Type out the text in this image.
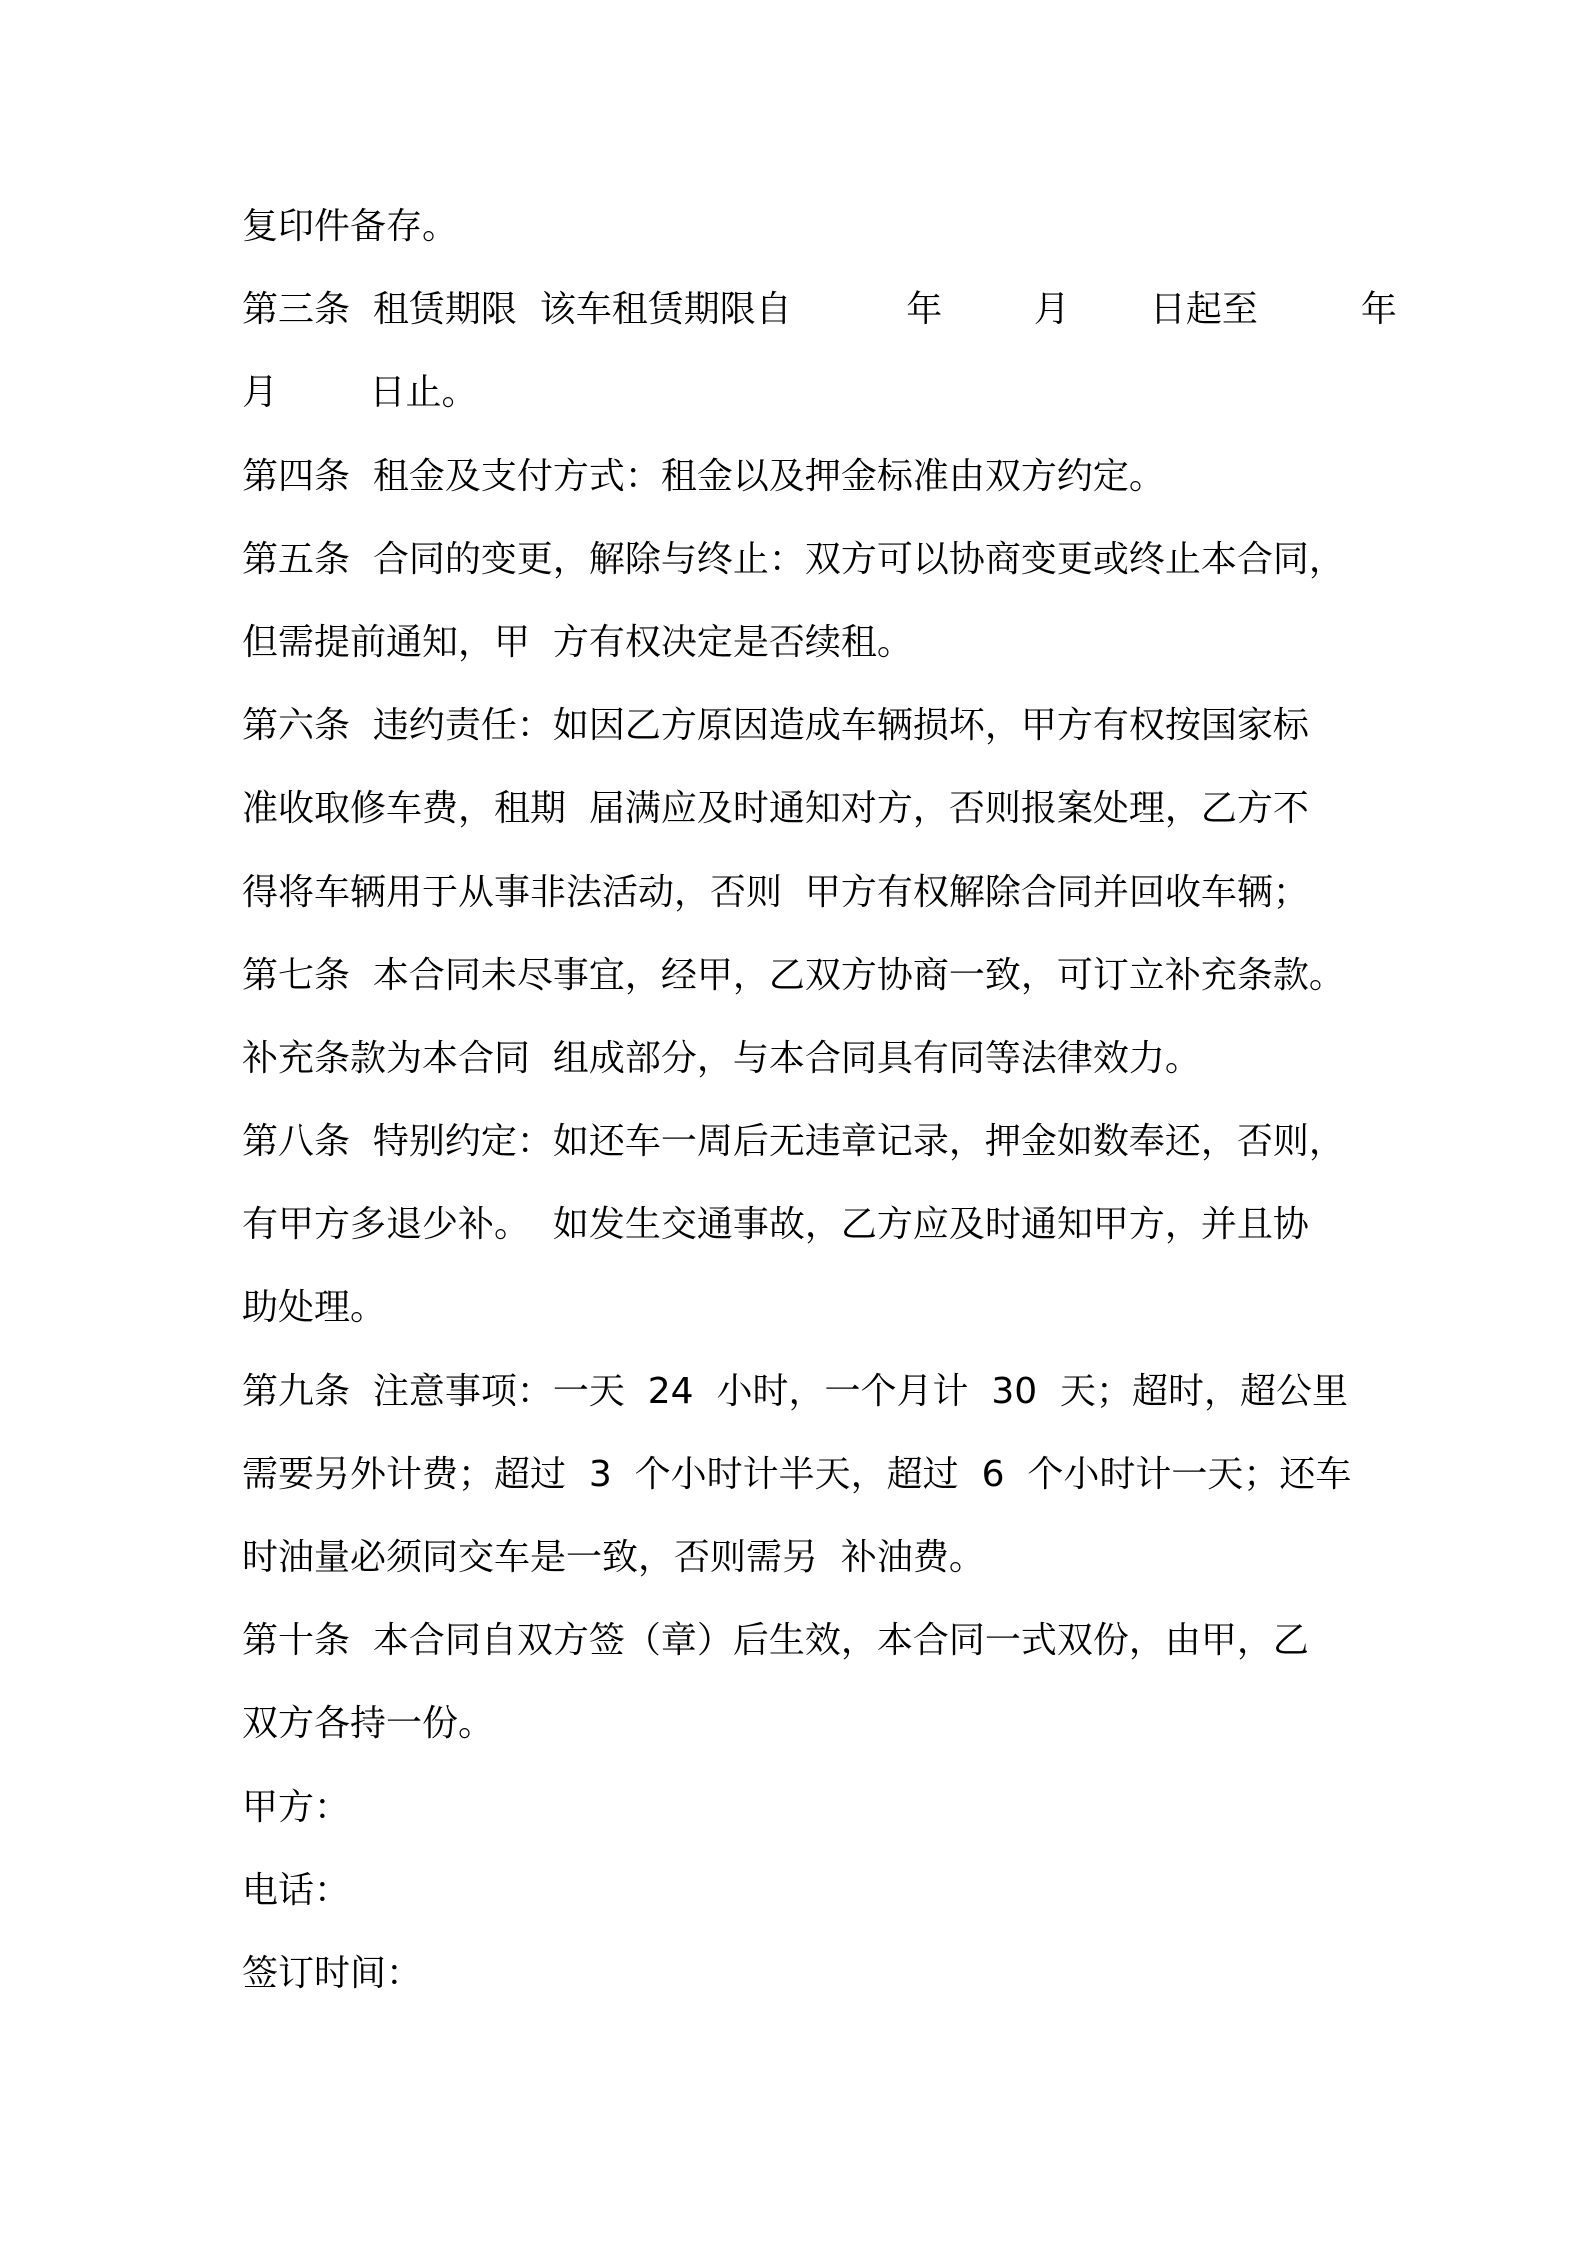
复印件备存。
第三条  租赁期限  该车租赁期限自          年        月       日起至         年
月        日止。
第四条  租金及支付方式：租金以及押金标准由双方约定。
第五条  合同的变更，解除与终止：双方可以协商变更或终止本合同，
但需提前通知，甲  方有权决定是否续租。
第六条  违约责任：如因乙方原因造成车辆损坏，甲方有权按国家标
准收取修车费，租期  届满应及时通知对方，否则报案处理，乙方不
得将车辆用于从事非法活动，否则  甲方有权解除合同并回收车辆；
第七条  本合同未尽事宜，经甲，乙双方协商一致，可订立补充条款。
补充条款为本合同  组成部分，与本合同具有同等法律效力。
第八条  特别约定：如还车一周后无违章记录，押金如数奉还，否则，
有甲方多退少补。  如发生交通事故，乙方应及时通知甲方，并且协
助处理。
第九条  注意事项：一天  24  小时，一个月计  30  天；超时，超公里
需要另外计费；超过  3  个小时计半天，超过  6  个小时计一天；还车
时油量必须同交车是一致，否则需另  补油费。
第十条  本合同自双方签（章）后生效，本合同一式双份，由甲，乙
双方各持一份。
甲方：
电话：
签订时间：
